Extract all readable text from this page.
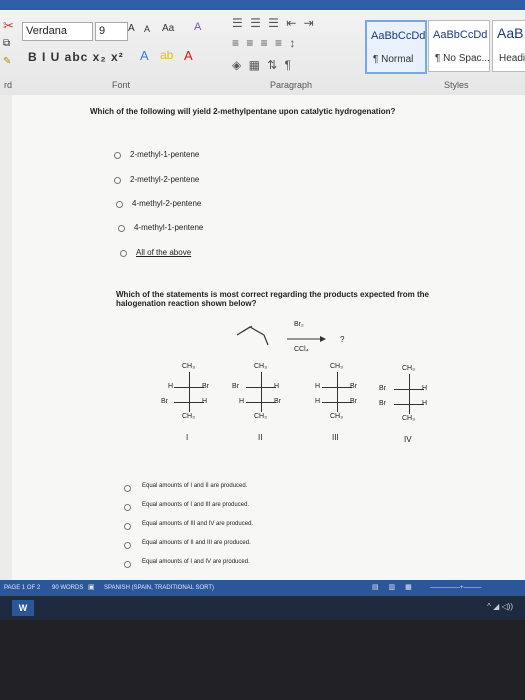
✂
⧉
✎
Verdana	9	A A Aa A
B I U abc x₂ x² A ab A
☰ ☰ ☰ ⇤ ⇥
≡ ≡ ≡ ≡ ↕
◈ ▦ ⇅ ¶
AaBbCcDd
¶ Normal
AaBbCcDd
¶ No Spac...
AaB
Headi
rd	Font	Paragraph	Styles
Which of the following will yield 2-methylpentane upon catalytic hydrogenation?
2-methyl-1-pentene
2-methyl-2-pentene
4-methyl-2-pentene
4-methyl-1-pentene
All of the above
Which of the statements is most correct regarding the products expected from the
halogenation reaction shown below?
Br₂
CCl₄
?
CH₃
H	Br
Br	H
CH₃
I
CH₃
Br	H
H	Br
CH₃
II
CH₃
H	Br
H	Br
CH₃
III
CH₃
Br	H
Br	H
CH₃
IV
Equal amounts of I and II are produced.
Equal amounts of I and III are produced.
Equal amounts of III and IV are produced.
Equal amounts of II and III are produced.
Equal amounts of I and IV are produced.
PAGE 1 OF 2 90 WORDS ▣ SPANISH (SPAIN, TRADITIONAL SORT)	▤ ▥ ▦ ―――――+―――
W	^ ◢ ◁))
